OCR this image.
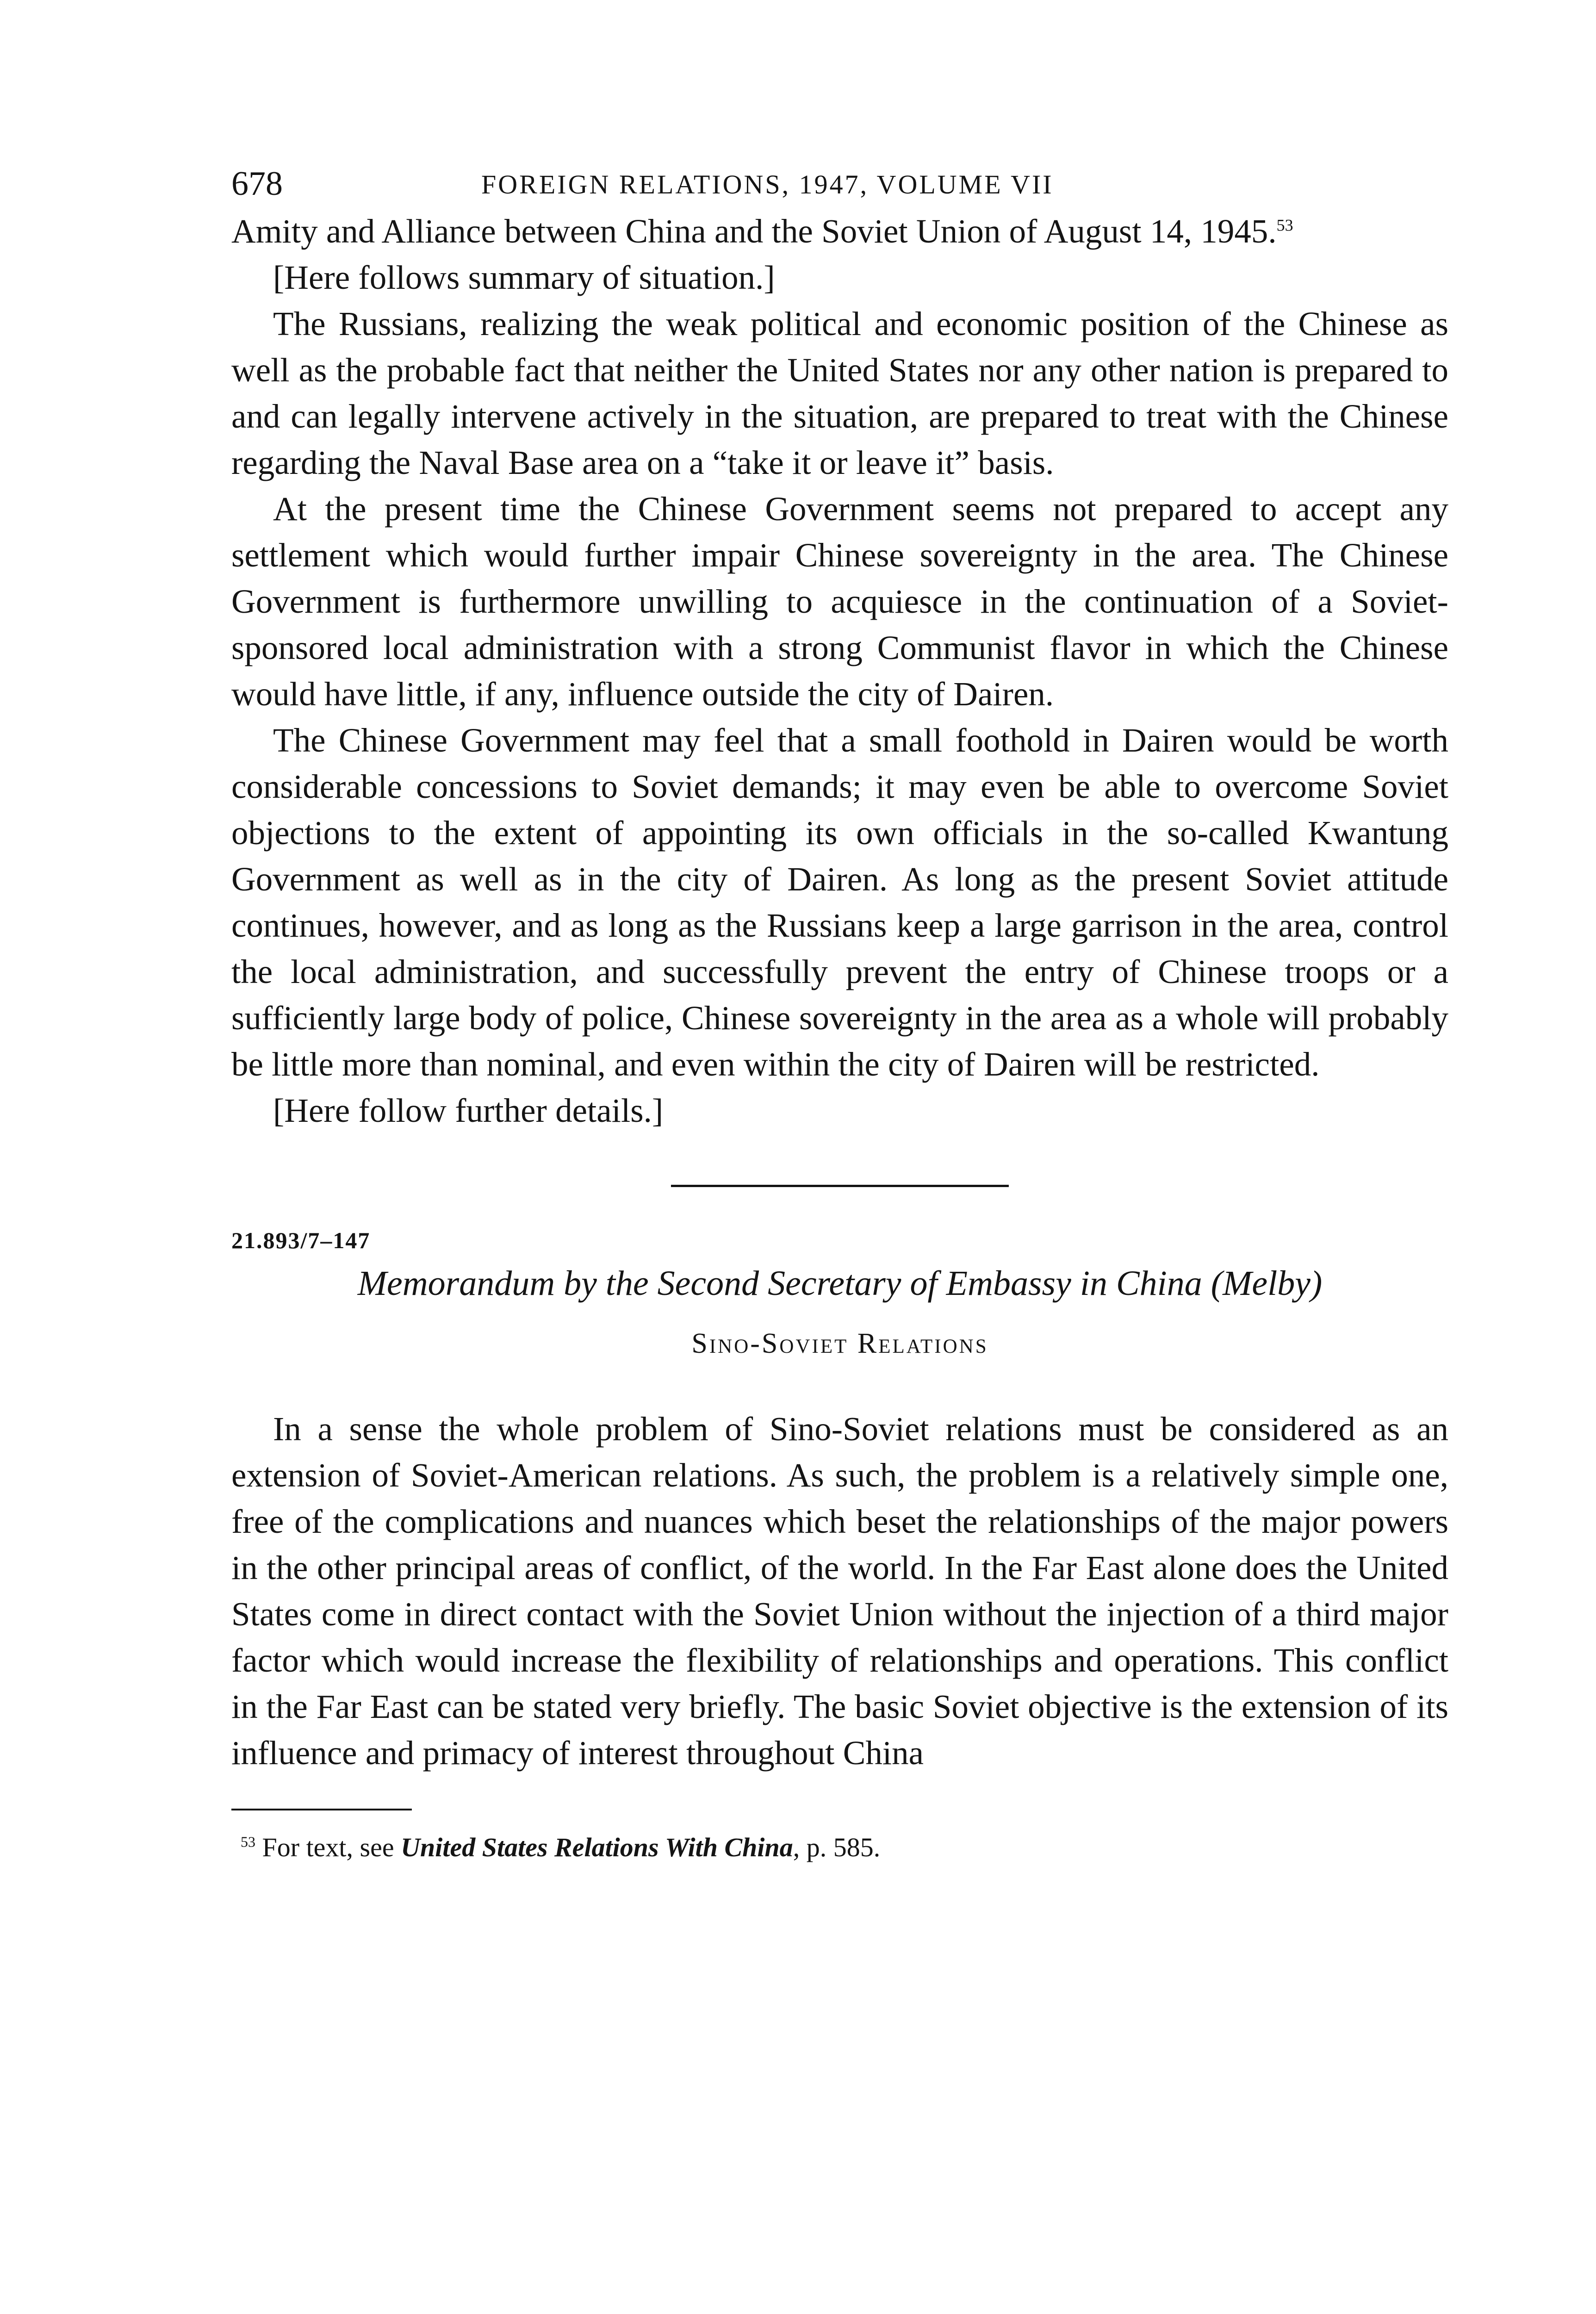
678	FOREIGN RELATIONS, 1947, VOLUME VII

Amity and Alliance between China and the Soviet Union of August 14, 1945.53

[Here follows summary of situation.]

The Russians, realizing the weak political and economic position of the Chinese as well as the probable fact that neither the United States nor any other nation is prepared to and can legally intervene actively in the situation, are prepared to treat with the Chinese regarding the Naval Base area on a “take it or leave it” basis.

At the present time the Chinese Government seems not prepared to accept any settlement which would further impair Chinese sovereignty in the area. The Chinese Government is furthermore unwilling to acquiesce in the continuation of a Soviet-sponsored local administration with a strong Communist flavor in which the Chinese would have little, if any, influence outside the city of Dairen.

The Chinese Government may feel that a small foothold in Dairen would be worth considerable concessions to Soviet demands; it may even be able to overcome Soviet objections to the extent of appointing its own officials in the so-called Kwantung Government as well as in the city of Dairen. As long as the present Soviet attitude continues, however, and as long as the Russians keep a large garrison in the area, control the local administration, and successfully prevent the entry of Chinese troops or a sufficiently large body of police, Chinese sovereignty in the area as a whole will probably be little more than nominal, and even within the city of Dairen will be restricted.

[Here follow further details.]

21.893/7–147

Memorandum by the Second Secretary of Embassy in China (Melby)

Sino-Soviet Relations

In a sense the whole problem of Sino-Soviet relations must be considered as an extension of Soviet-American relations. As such, the problem is a relatively simple one, free of the complications and nuances which beset the relationships of the major powers in the other principal areas of conflict, of the world. In the Far East alone does the United States come in direct contact with the Soviet Union without the injection of a third major factor which would increase the flexibility of relationships and operations. This conflict in the Far East can be stated very briefly. The basic Soviet objective is the extension of its influence and primacy of interest throughout China

$^{53}$ For text, see United States Relations With China, p. 585.
